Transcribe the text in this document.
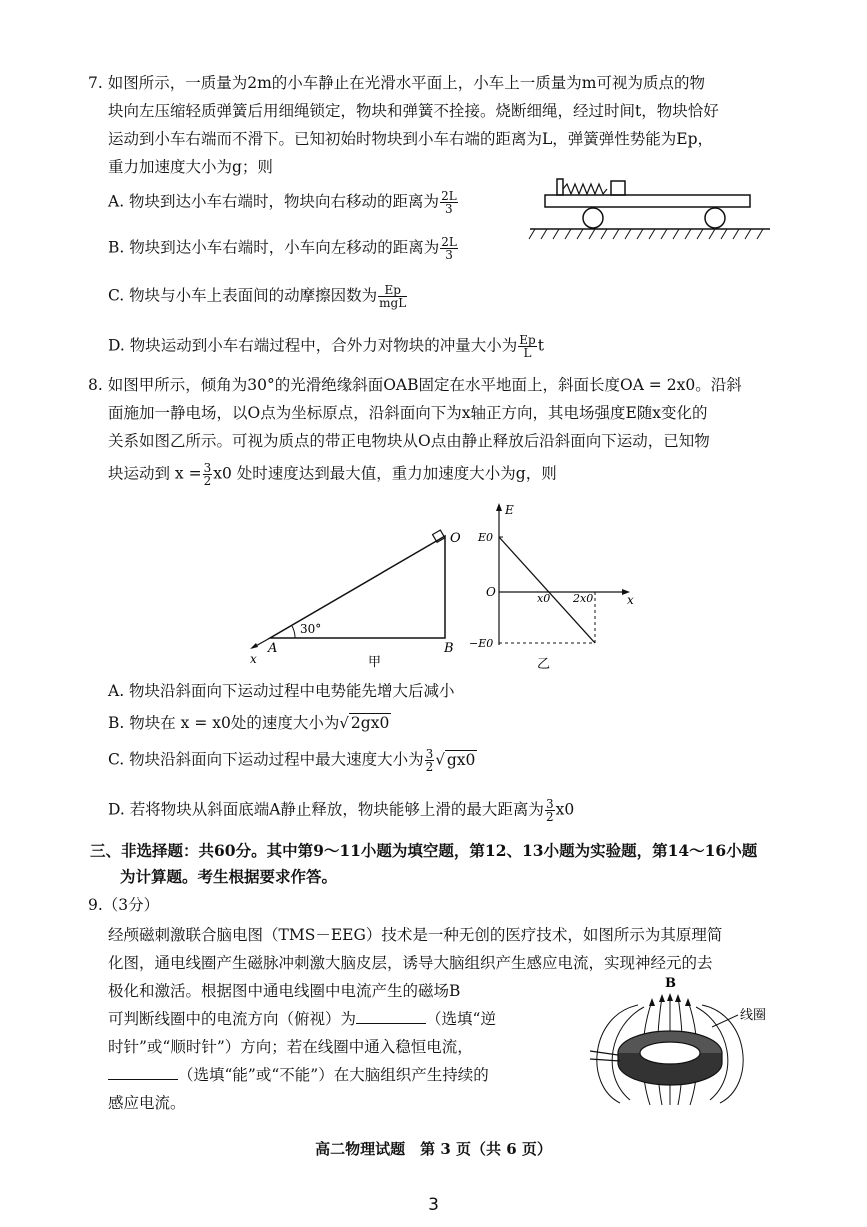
7. 如图所示，一质量为2m的小车静止在光滑水平面上，小车上一质量为m可视为质点的物
块向左压缩轻质弹簧后用细绳锁定，物块和弹簧不拴接。烧断细绳，经过时间t，物块恰好
运动到小车右端而不滑下。已知初始时物块到小车右端的距离为L，弹簧弹性势能为Ep，
重力加速度大小为g；则
A. 物块到达小车右端时，物块向右移动的距离为 $\frac{2L}{3}$
B. 物块到达小车右端时，小车向左移动的距离为 $\frac{2L}{3}$
C. 物块与小车上表面间的动摩擦因数为 $\frac{Ep}{\text{mgL}}$
D. 物块运动到小车右端过程中，合外力对物块的冲量大小为 $\frac{Ep}{L}$ t
8. 如图甲所示，倾角为30°的光滑绝缘斜面OAB固定在水平地面上，斜面长度OA = 2x0。沿斜
面施加一静电场，以O点为坐标原点，沿斜面向下为x轴正方向，其电场强度E随x变化的
关系如图乙所示。可视为质点的带正电物块从O点由静止释放后沿斜面向下运动，已知物
块运动到 $x = \frac{3}{2} x0$ 处时速度达到最大值，重力加速度大小为g，则
O
A	B
x
30°
甲
E
E0
O
−E0
x0 2x0	x
乙
A. 物块沿斜面向下运动过程中电势能先增大后减小
B. 物块在 x = x0处的速度大小为√ 2gx0
C. 物块沿斜面向下运动过程中最大速度大小为 $\frac{3}{2}$ √ gx0
D. 若将物块从斜面底端A静止释放，物块能够上滑的最大距离为 $\frac{3}{2} x0$
三、非选择题：共60分。其中第9～11小题为填空题，第12、13小题为实验题，第14～16小题
为计算题。考生根据要求作答。
9.（3分）
经颅磁刺激联合脑电图（TMS－EEG）技术是一种无创的医疗技术，如图所示为其原理简
化图，通电线圈产生磁脉冲刺激大脑皮层，诱导大脑组织产生感应电流，实现神经元的去
极化和激活。根据图中通电线圈中电流产生的磁场B
可判断线圈中的电流方向（俯视）为	（选填“逆
时针”或“顺时针”）方向；若在线圈中通入稳恒电流，
（选填“能”或“不能”）在大脑组织产生持续的
感应电流。
B
线圈
高二物理试题　第 3 页（共 6 页）
3
